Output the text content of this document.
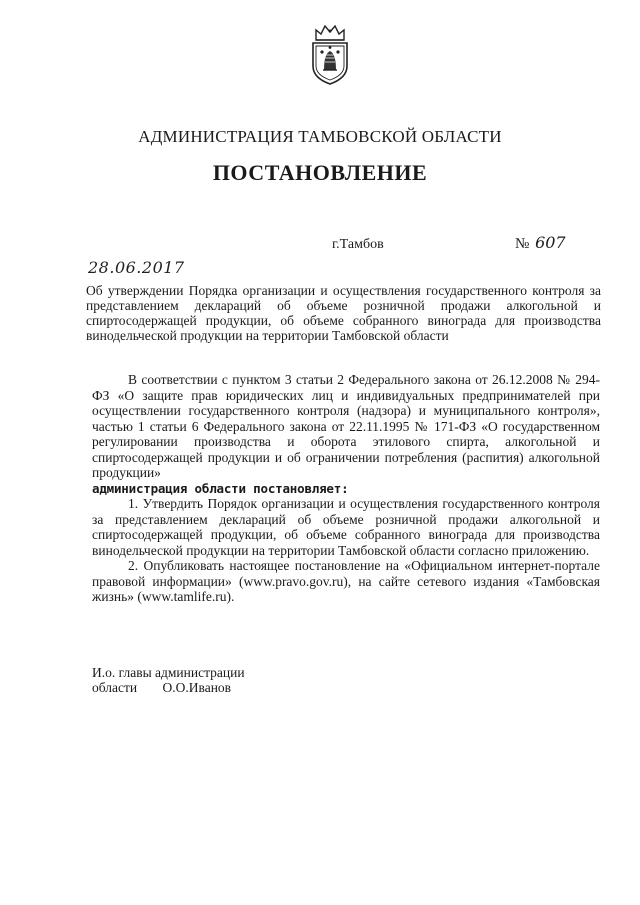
АДМИНИСТРАЦИЯ ТАМБОВСКОЙ ОБЛАСТИ
ПОСТАНОВЛЕНИЕ
г.Тамбов	№ 607
28.06.2017
Об утверждении Порядка организации и осуществления государственного контроля за представлением деклараций об объеме розничной продажи алкогольной и спиртосодержащей продукции, об объеме собранного винограда для производства винодельческой продукции на территории Тамбовской области

В соответствии с пунктом 3 статьи 2 Федерального закона от 26.12.2008 № 294-ФЗ «О защите прав юридических лиц и индивидуальных предпринимателей при осуществлении государственного контроля (надзора) и муниципального контроля», частью 1 статьи 6 Федерального закона от 22.11.1995 № 171-ФЗ «О государственном регулировании производства и оборота этилового спирта, алкогольной и спиртосодержащей продукции и об ограничении потребления (распития) алкогольной продукции»

администрация области постановляет:

1. Утвердить Порядок организации и осуществления государственного контроля за представлением деклараций об объеме розничной продажи алкогольной и спиртосодержащей продукции, об объеме собранного винограда для производства винодельческой продукции на территории Тамбовской области согласно приложению.

2. Опубликовать настоящее постановление на «Официальном интернет-портале правовой информации» (www.pravo.gov.ru), на сайте сетевого издания «Тамбовская жизнь» (www.tamlife.ru).

И.о. главы администрации
области О.О.Иванов
